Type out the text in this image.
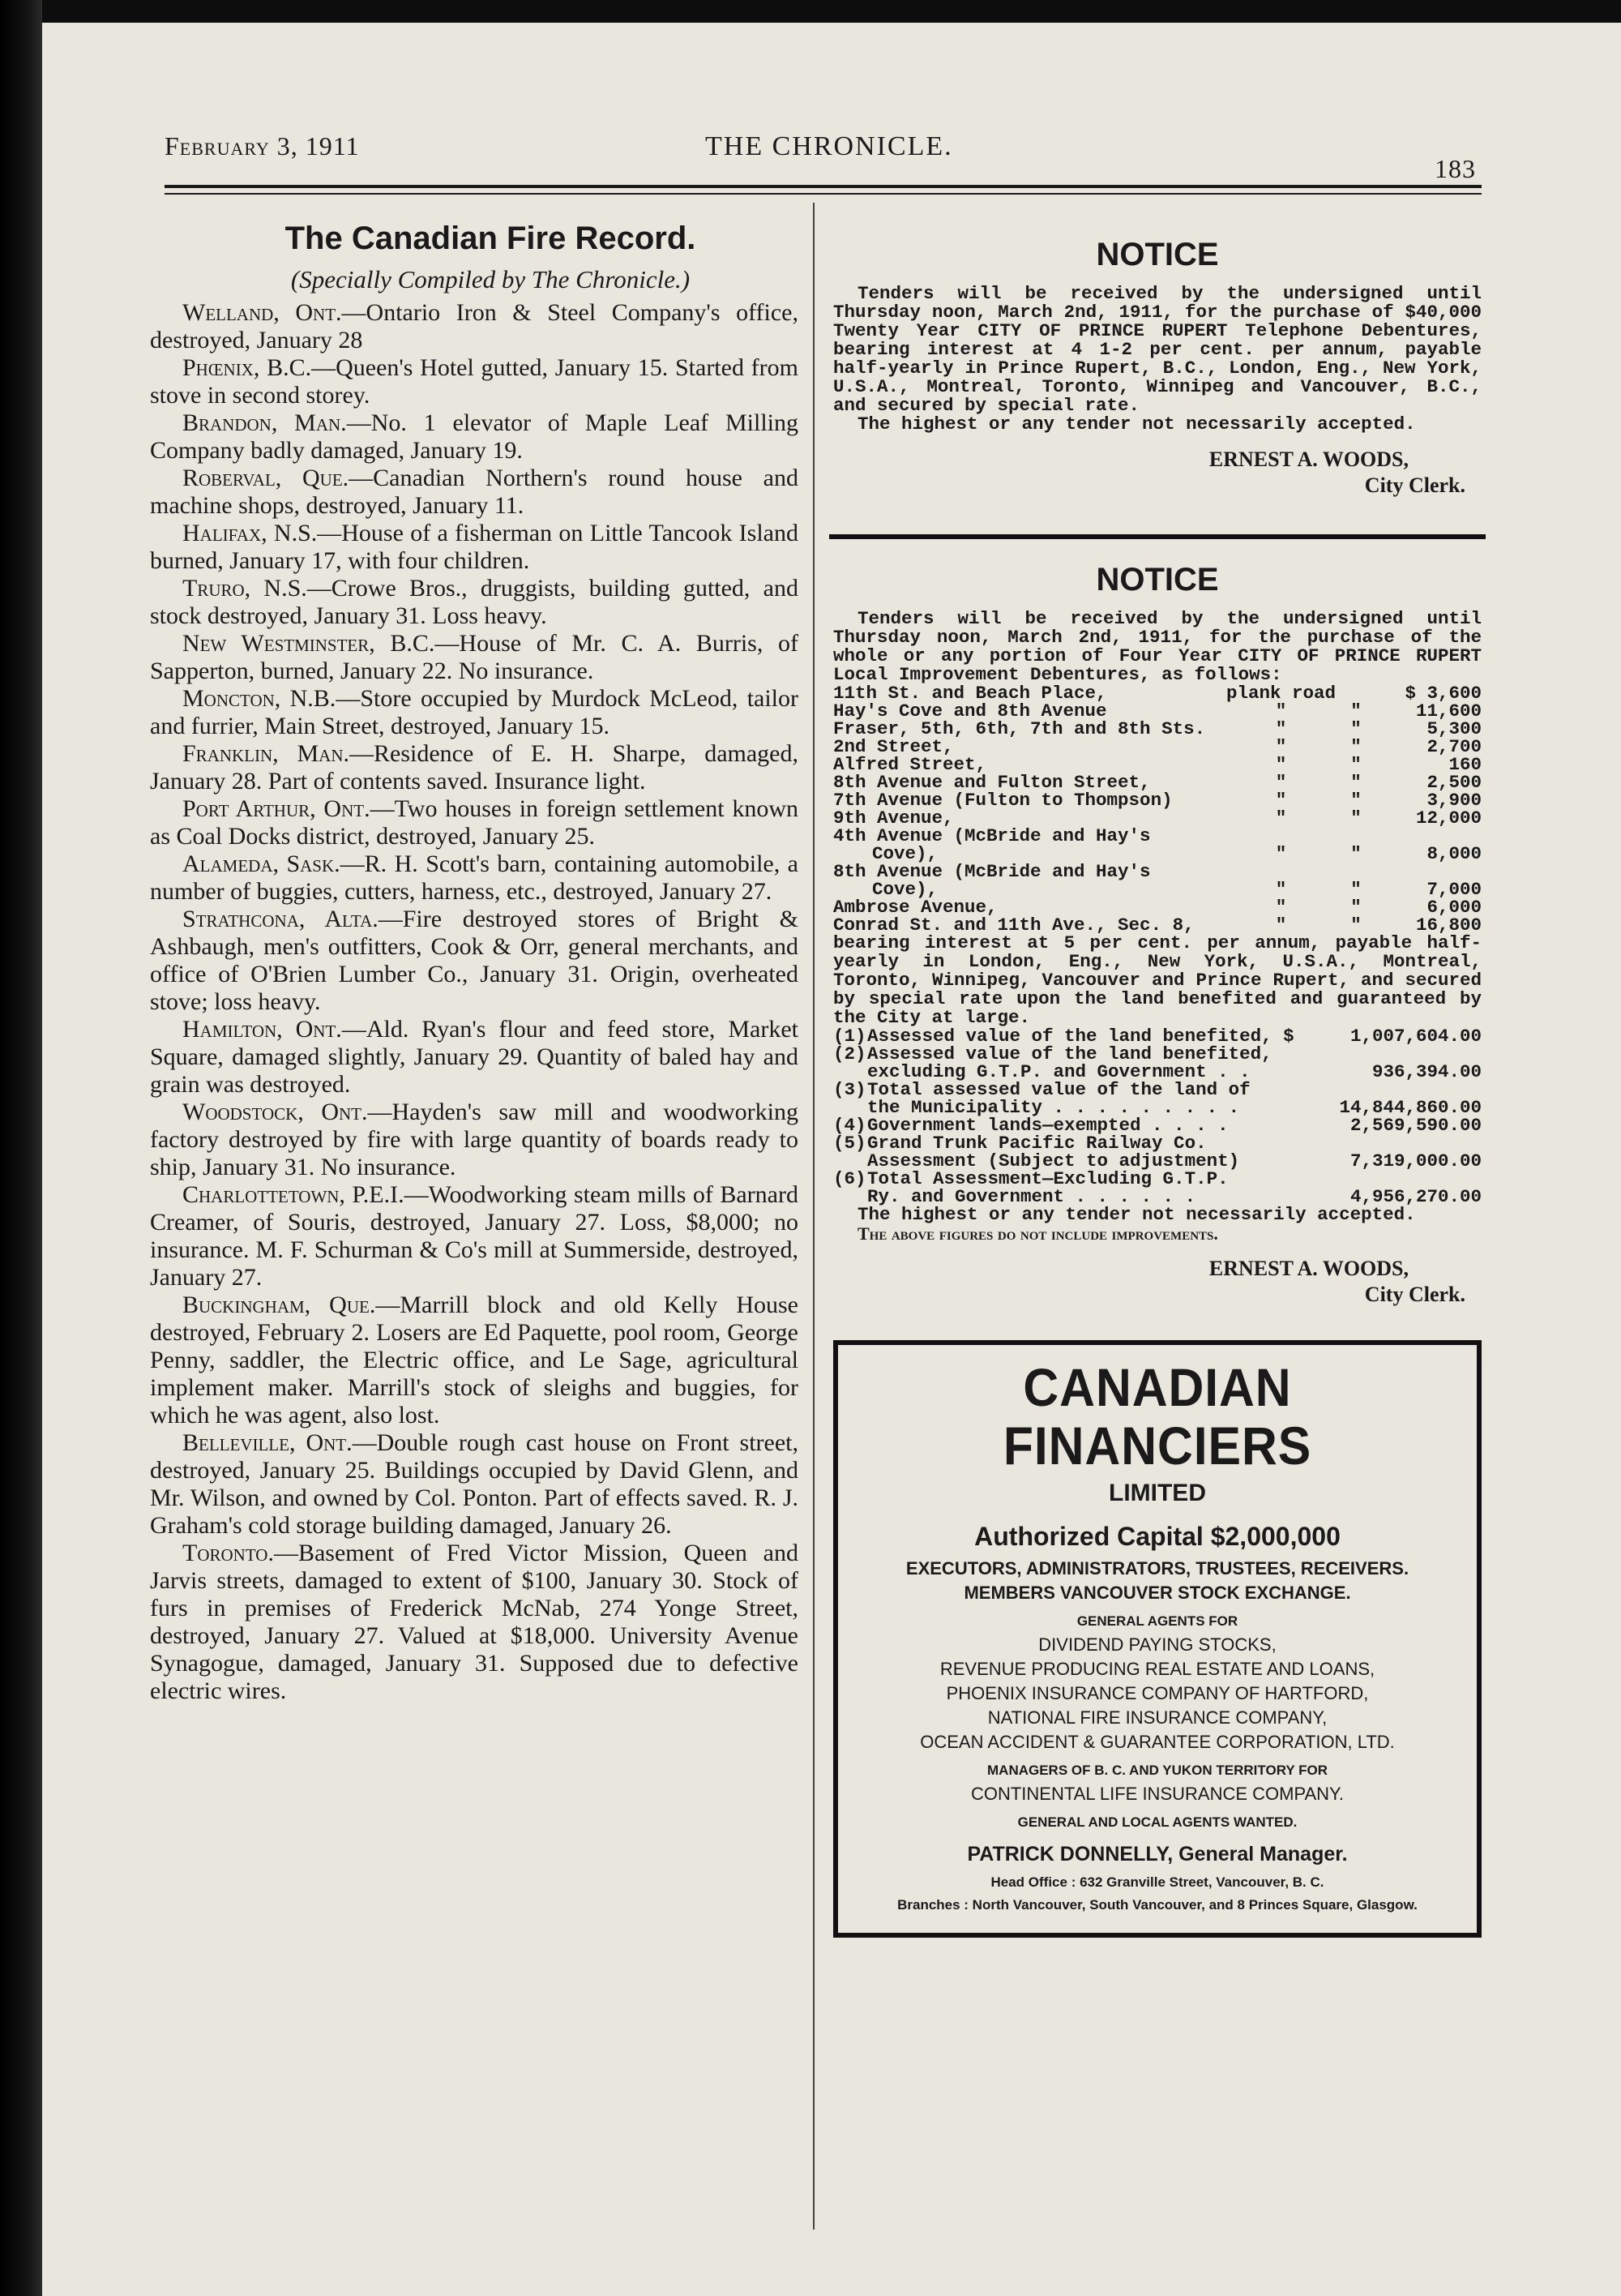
February 3, 1911	THE CHRONICLE.
183
The Canadian Fire Record.
(Specially Compiled by The Chronicle.)

Welland, Ont.—Ontario Iron & Steel Company's office, destroyed, January 28

Phœnix, B.C.—Queen's Hotel gutted, January 15. Started from stove in second storey.

Brandon, Man.—No. 1 elevator of Maple Leaf Milling Company badly damaged, January 19.

Roberval, Que.—Canadian Northern's round house and machine shops, destroyed, January 11.

Halifax, N.S.—House of a fisherman on Little Tancook Island burned, January 17, with four children.

Truro, N.S.—Crowe Bros., druggists, building gutted, and stock destroyed, January 31. Loss heavy.

New Westminster, B.C.—House of Mr. C. A. Burris, of Sapperton, burned, January 22. No insurance.

Moncton, N.B.—Store occupied by Murdock McLeod, tailor and furrier, Main Street, destroyed, January 15.

Franklin, Man.—Residence of E. H. Sharpe, damaged, January 28. Part of contents saved. Insurance light.

Port Arthur, Ont.—Two houses in foreign settlement known as Coal Docks district, destroyed, January 25.

Alameda, Sask.—R. H. Scott's barn, containing automobile, a number of buggies, cutters, harness, etc., destroyed, January 27.

Strathcona, Alta.—Fire destroyed stores of Bright & Ashbaugh, men's outfitters, Cook & Orr, general merchants, and office of O'Brien Lumber Co., January 31. Origin, overheated stove; loss heavy.

Hamilton, Ont.—Ald. Ryan's flour and feed store, Market Square, damaged slightly, January 29. Quantity of baled hay and grain was destroyed.

Woodstock, Ont.—Hayden's saw mill and woodworking factory destroyed by fire with large quantity of boards ready to ship, January 31. No insurance.

Charlottetown, P.E.I.—Woodworking steam mills of Barnard Creamer, of Souris, destroyed, January 27. Loss, $8,000; no insurance. M. F. Schurman & Co's mill at Summerside, destroyed, January 27.

Buckingham, Que.—Marrill block and old Kelly House destroyed, February 2. Losers are Ed Paquette, pool room, George Penny, saddler, the Electric office, and Le Sage, agricultural implement maker. Marrill's stock of sleighs and buggies, for which he was agent, also lost.

Belleville, Ont.—Double rough cast house on Front street, destroyed, January 25. Buildings occupied by David Glenn, and Mr. Wilson, and owned by Col. Ponton. Part of effects saved. R. J. Graham's cold storage building damaged, January 26.

Toronto.—Basement of Fred Victor Mission, Queen and Jarvis streets, damaged to extent of $100, January 30. Stock of furs in premises of Frederick McNab, 274 Yonge Street, destroyed, January 27. Valued at $18,000. University Avenue Synagogue, damaged, January 31. Supposed due to defective electric wires.

NOTICE

Tenders will be received by the undersigned until Thursday noon, March 2nd, 1911, for the purchase of $40,000 Twenty Year CITY OF PRINCE RUPERT Telephone Debentures, bearing interest at 4 1-2 per cent. per annum, payable half-yearly in Prince Rupert, B.C., London, Eng., New York, U.S.A., Montreal, Toronto, Winnipeg and Vancouver, B.C., and secured by special rate.

The highest or any tender not necessarily accepted.

ERNEST A. WOODS,
City Clerk.
NOTICE

Tenders will be received by the undersigned until Thursday noon, March 2nd, 1911, for the purchase of the whole or any portion of Four Year CITY OF PRINCE RUPERT Local Improvement Debentures, as follows:

11th St. and Beach Place,	plank road		$ 3,600
Hay's Cove and 8th Avenue	"	"	11,600
Fraser, 5th, 6th, 7th and 8th Sts.	"	"	5,300
2nd Street,	"	"	2,700
Alfred Street,	"	"	160
8th Avenue and Fulton Street,	"	"	2,500
7th Avenue (Fulton to Thompson)	"	"	3,900
9th Avenue,	"	"	12,000
4th Avenue (McBride and Hay's			
Cove),	"	"	8,000
8th Avenue (McBride and Hay's			
Cove),	"	"	7,000
Ambrose Avenue,	"	"	6,000
Conrad St. and 11th Ave., Sec. 8,	"	"	16,800

bearing interest at 5 per cent. per annum, payable half-yearly in London, Eng., New York, U.S.A., Montreal, Toronto, Winnipeg, Vancouver and Prince Rupert, and secured by special rate upon the land benefited and guaranteed by the City at large.

(1)	Assessed value of the land benefited, $	1,007,604.00
(2)	Assessed value of the land benefited,	
	excluding G.T.P. and Government . .	936,394.00
(3)	Total assessed value of the land of	
	the Municipality . . . . . . . . .	14,844,860.00
(4)	Government lands—exempted . . . .	2,569,590.00
(5)	Grand Trunk Pacific Railway Co.	
	Assessment (Subject to adjustment)	7,319,000.00
(6)	Total Assessment—Excluding G.T.P.	
	Ry. and Government . . . . . .	4,956,270.00

The highest or any tender not necessarily accepted.

The above figures do not include improvements.

ERNEST A. WOODS,
City Clerk.
CANADIAN FINANCIERS
LIMITED
Authorized Capital $2,000,000
EXECUTORS, ADMINISTRATORS, TRUSTEES, RECEIVERS.
MEMBERS VANCOUVER STOCK EXCHANGE.
GENERAL AGENTS FOR
DIVIDEND PAYING STOCKS,
REVENUE PRODUCING REAL ESTATE AND LOANS,
PHOENIX INSURANCE COMPANY OF HARTFORD,
NATIONAL FIRE INSURANCE COMPANY,
OCEAN ACCIDENT & GUARANTEE CORPORATION, LTD.
MANAGERS OF B. C. AND YUKON TERRITORY FOR
CONTINENTAL LIFE INSURANCE COMPANY.
GENERAL AND LOCAL AGENTS WANTED.
PATRICK DONNELLY, General Manager.
Head Office : 632 Granville Street, Vancouver, B. C.
Branches : North Vancouver, South Vancouver, and 8 Princes Square, Glasgow.
